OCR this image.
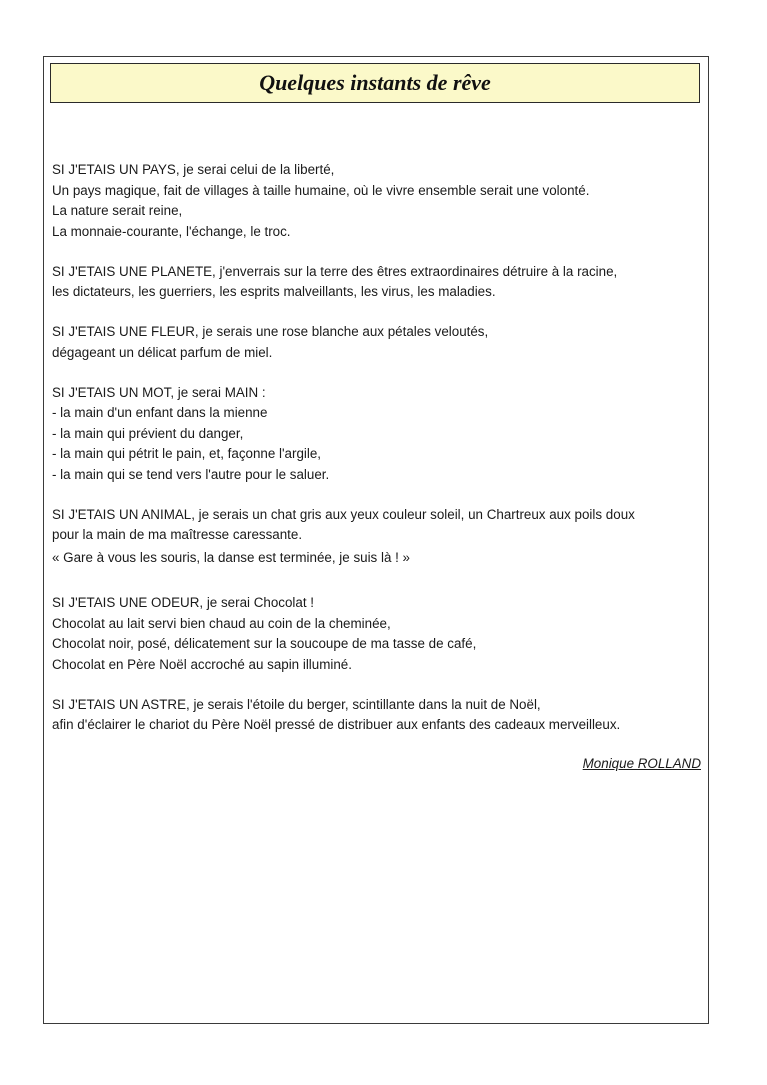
Quelques instants de rêve
SI J'ETAIS UN PAYS, je serai celui de la liberté,
Un pays magique, fait de villages à taille humaine, où le vivre ensemble serait une volonté.
La nature serait reine,
La monnaie-courante, l'échange, le troc.
SI J'ETAIS UNE PLANETE, j'enverrais sur la terre des êtres extraordinaires détruire à la racine,
les dictateurs, les guerriers, les esprits malveillants, les virus, les maladies.
SI J'ETAIS UNE FLEUR, je serais une rose blanche aux pétales veloutés,
dégageant un délicat parfum de miel.
SI J'ETAIS UN MOT, je serai MAIN :
- la main d'un enfant dans la mienne
- la main qui prévient du danger,
- la main qui pétrit le pain, et, façonne l'argile,
- la main qui se tend vers l'autre pour le saluer.
SI J'ETAIS UN ANIMAL, je serais un chat gris aux yeux couleur soleil, un Chartreux aux poils doux
pour la main de ma maîtresse caressante.
« Gare à vous les souris, la danse est terminée, je suis là ! »
SI J'ETAIS UNE ODEUR, je serai Chocolat !
Chocolat au lait servi bien chaud au coin de la cheminée,
Chocolat noir, posé, délicatement sur la soucoupe de ma tasse de café,
Chocolat en Père Noël accroché au sapin illuminé.
SI J'ETAIS UN ASTRE, je serais l'étoile du berger, scintillante dans la nuit de Noël,
afin d'éclairer le chariot du Père Noël pressé de distribuer aux enfants des cadeaux merveilleux.
Monique ROLLAND
